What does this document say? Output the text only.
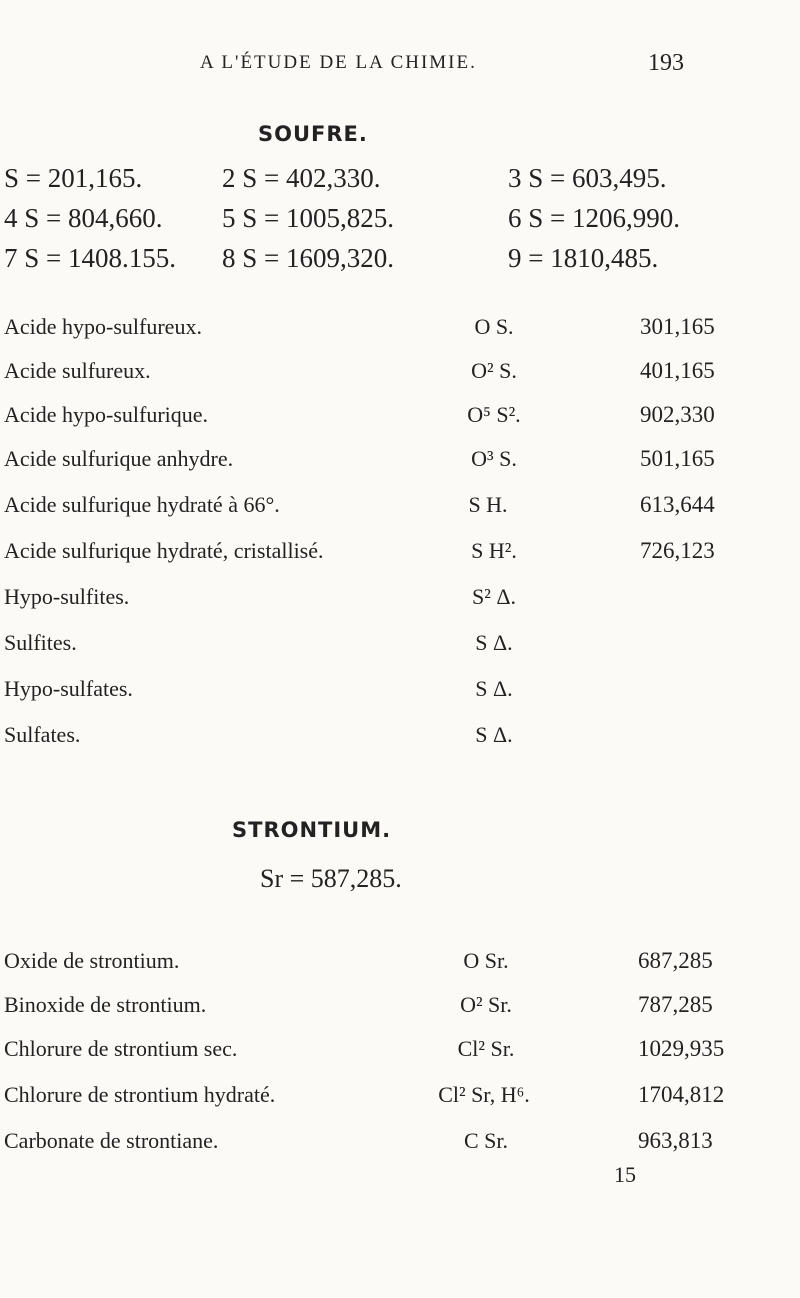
A L'ÉTUDE DE LA CHIMIE.	193
SOUFRE.
S = 201,165.	2 S = 402,330.	3 S = 603,495.
4 S = 804,660. 5 S = 1005,825.	6 S = 1206,990.
7 S = 1408.155. 8 S = 1609,320.	9 = 1810,485.
Acide hypo-sulfureux.	O S.	301,165
Acide sulfureux.	O² S.	401,165
Acide hypo-sulfurique.	O⁵ S².	902,330
Acide sulfurique anhydre.	O³ S.	501,165
Acide sulfurique hydraté à 66°.	S H.	613,644
Acide sulfurique hydraté, cristallisé.	S H².	726,123
Hypo-sulfites.	S² Δ.
Sulfites.	S Δ.
Hypo-sulfates.	S Δ.
Sulfates.	S Δ.
STRONTIUM.
Sr = 587,285.
Oxide de strontium.	O Sr.	687,285
Binoxide de strontium.	O² Sr.	787,285
Chlorure de strontium sec.	Cl² Sr.	1029,935
Chlorure de strontium hydraté.	Cl² Sr, H⁶.	1704,812
Carbonate de strontiane.	C Sr.	963,813
15
